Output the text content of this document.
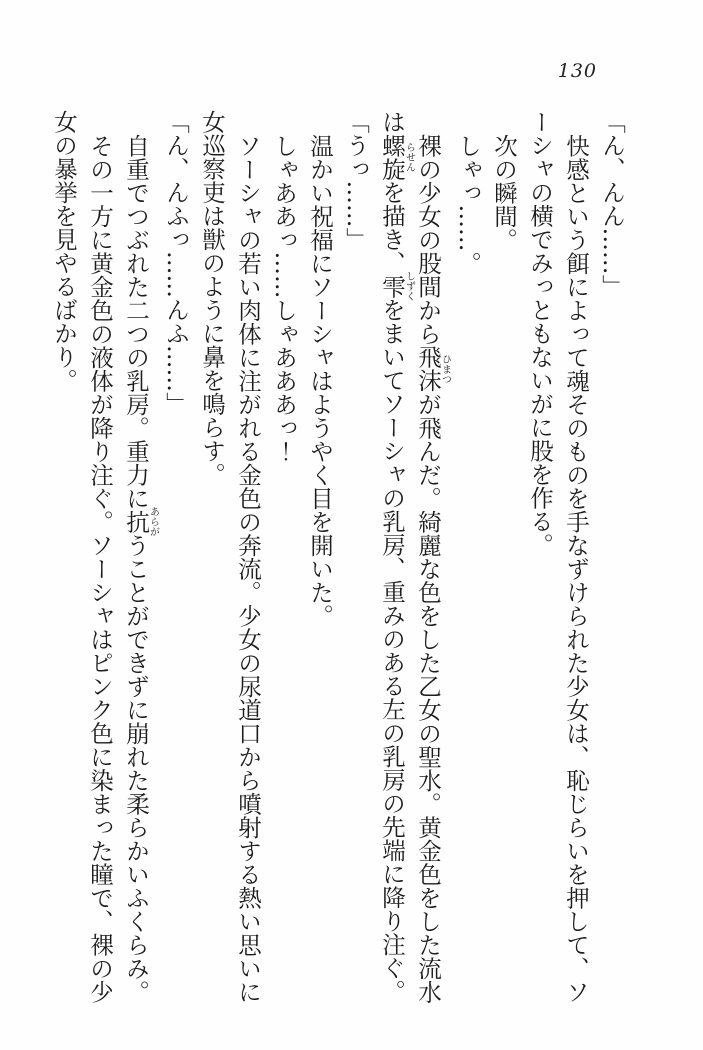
130

「ん、んん……」

快感という餌によって魂そのものを手なずけられた少女は、恥じらいを押して、ソーシャの横でみっともないがに股を作る。

次の瞬間。

しゃっ……。

裸の少女の股間から飛沫ひまつが飛んだ。綺麗な色をした乙女の聖水。黄金色をした流水は螺旋らせんを描き、雫しずくをまいてソーシャの乳房、重みのある左の乳房の先端に降り注ぐ。

「うっ……」

温かい祝福にソーシャはようやく目を開いた。

しゃああっ……しゃあああっ！

ソーシャの若い肉体に注がれる金色の奔流。少女の尿道口から噴射する熱い思いに女巡察吏は獣のように鼻を鳴らす。

「ん、んふっ……んふ……」

自重でつぶれた二つの乳房。重力に抗あらがうことができずに崩れた柔らかいふくらみ。

その一方に黄金色の液体が降り注ぐ。ソーシャはピンク色に染まった瞳で、裸の少女の暴挙を見やるばかり。
